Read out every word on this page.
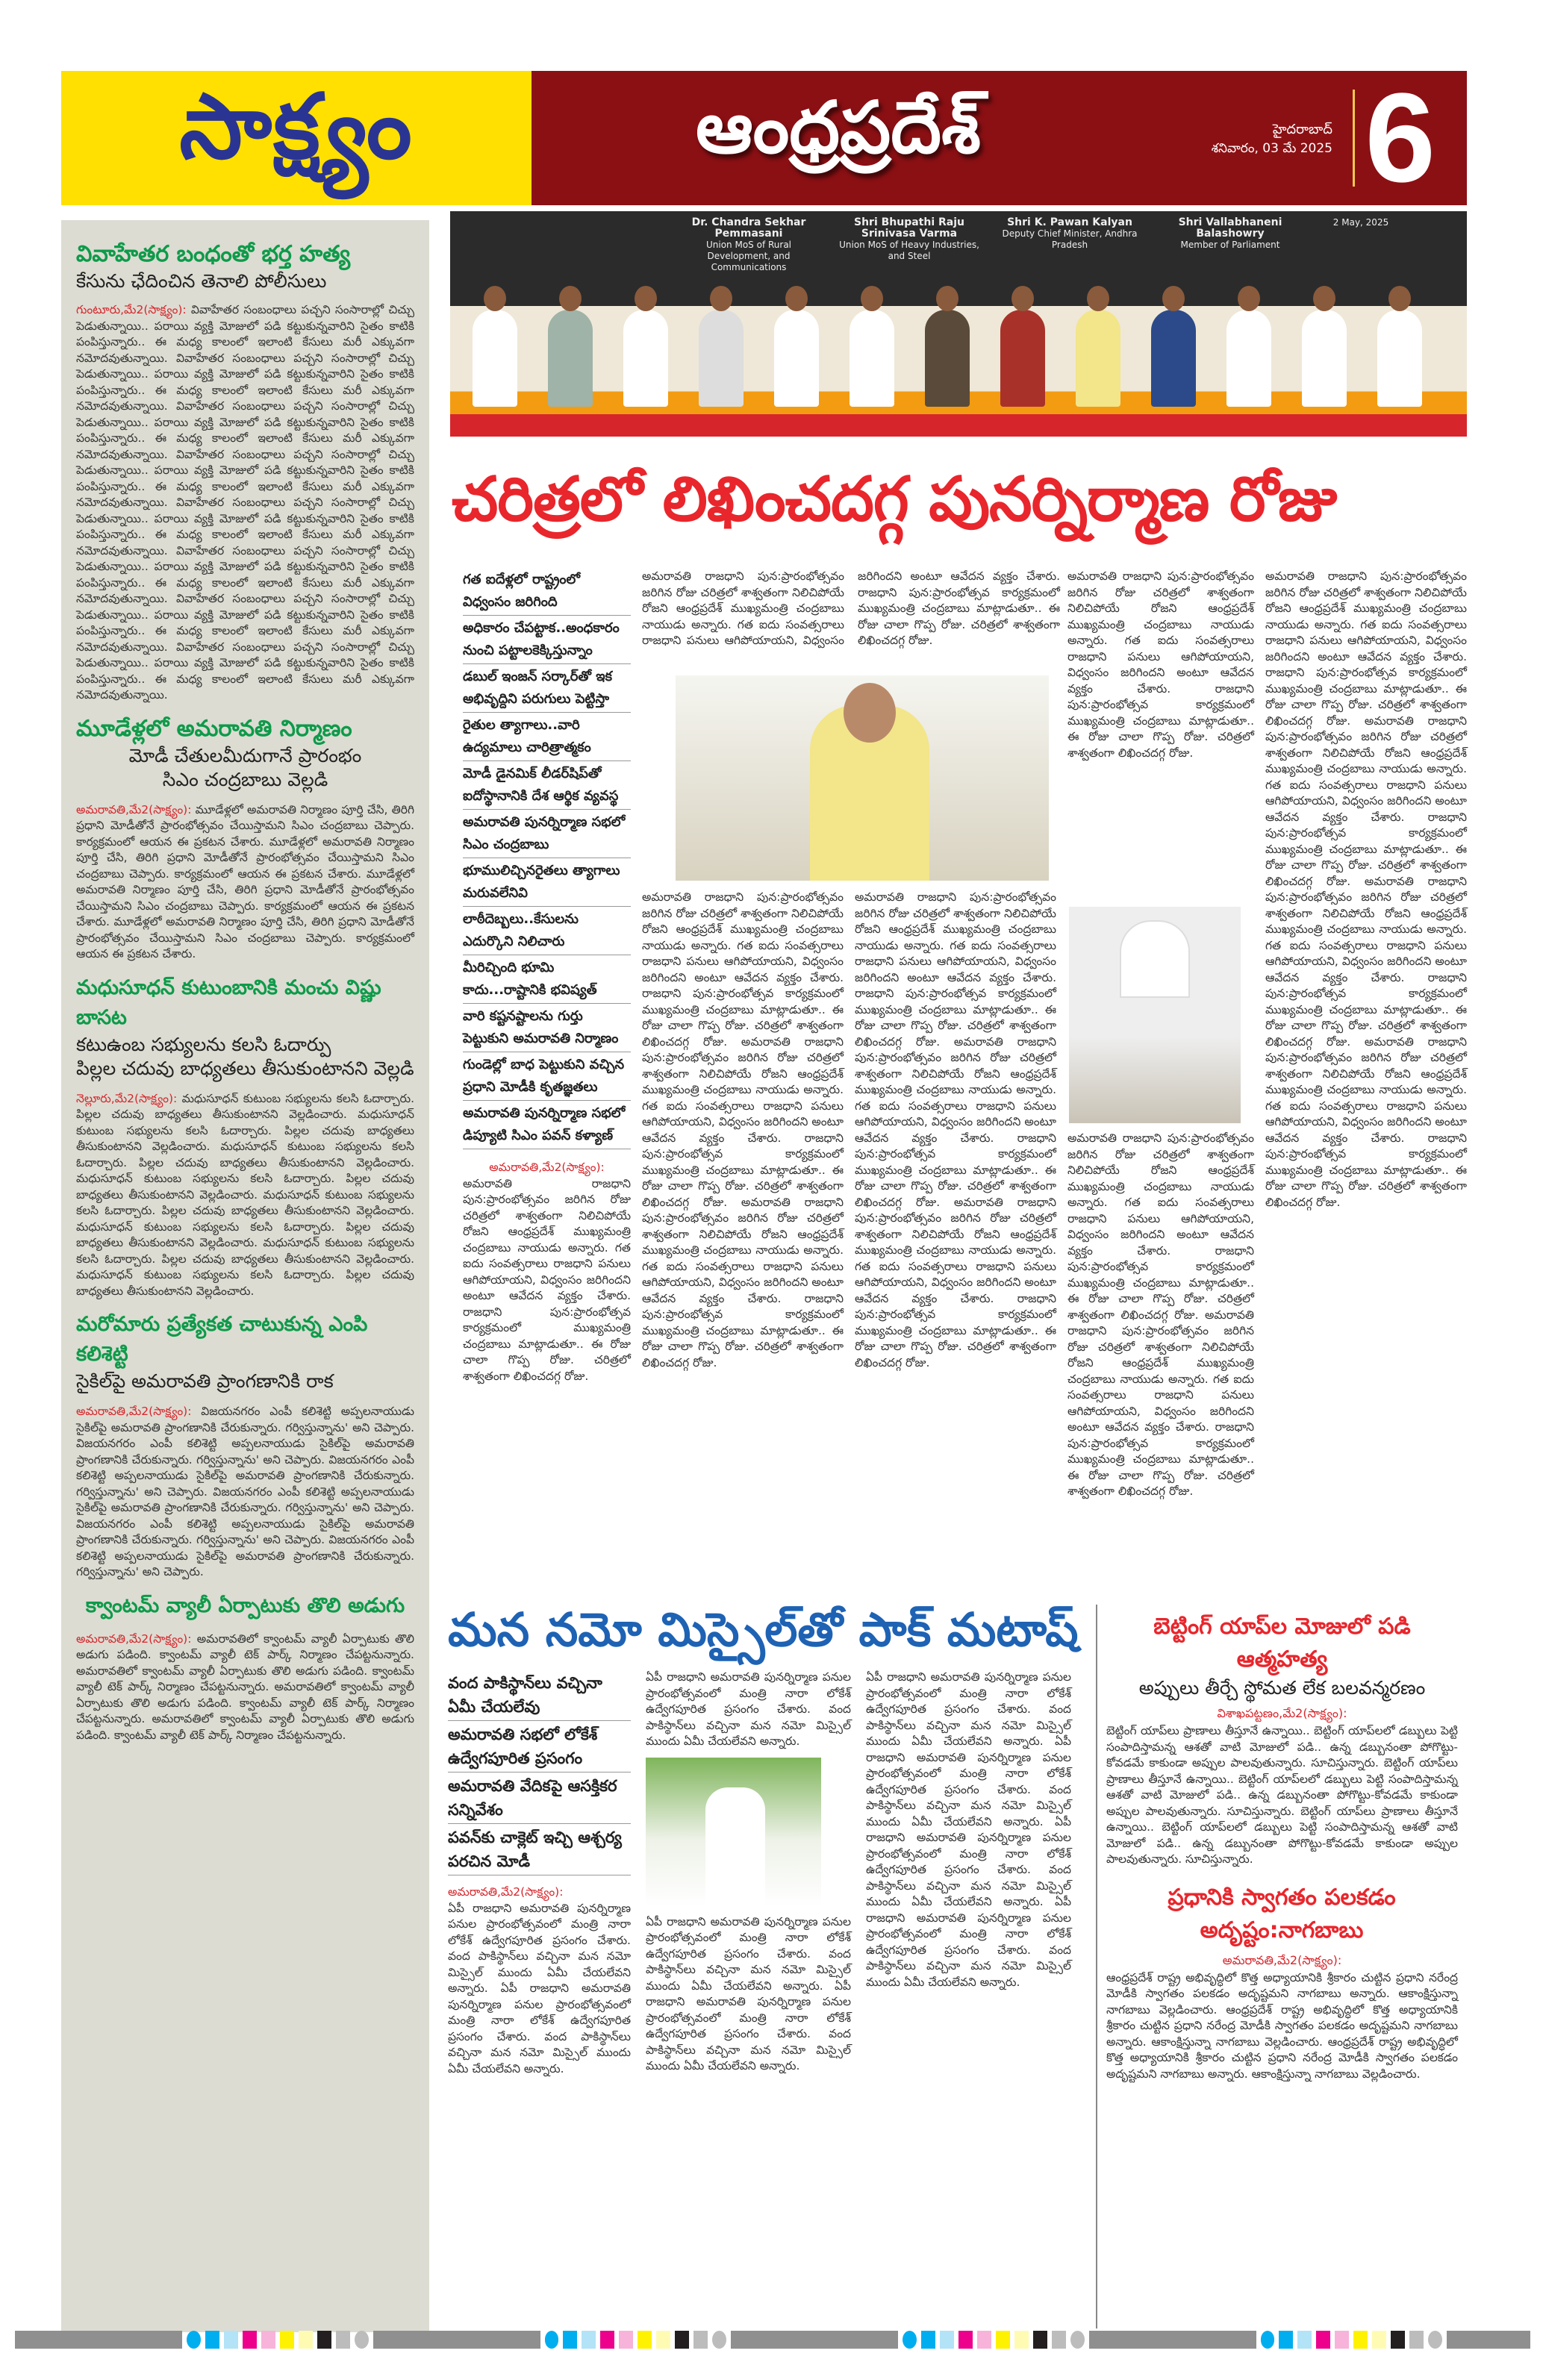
సాక్ష్యం	ఆంధ్రప్రదేశ్	హైదరాబాద్
శనివారం, 03 మే 2025 6
వివాహేతర బంధంతో భర్త హత్య
కేసును ఛేదించిన తెనాలి పోలీసులు
గుంటూరు,మే2(సాక్ష్యం): వివాహేతర సంబంధాలు పచ్చని సంసారాల్లో చిచ్చు పెడుతున్నాయి.. పరాయి వ్యక్తి మోజులో పడి కట్టుకున్నవారిని సైతం కాటికి పంపిస్తున్నారు.. ఈ మధ్య కాలంలో ఇలాంటి కేసులు మరీ ఎక్కువగా నమోదవుతున్నాయి. వివాహేతర సంబంధాలు పచ్చని సంసారాల్లో చిచ్చు పెడుతున్నాయి.. పరాయి వ్యక్తి మోజులో పడి కట్టుకున్నవారిని సైతం కాటికి పంపిస్తున్నారు.. ఈ మధ్య కాలంలో ఇలాంటి కేసులు మరీ ఎక్కువగా నమోదవుతున్నాయి. వివాహేతర సంబంధాలు పచ్చని సంసారాల్లో చిచ్చు పెడుతున్నాయి.. పరాయి వ్యక్తి మోజులో పడి కట్టుకున్నవారిని సైతం కాటికి పంపిస్తున్నారు.. ఈ మధ్య కాలంలో ఇలాంటి కేసులు మరీ ఎక్కువగా నమోదవుతున్నాయి. వివాహేతర సంబంధాలు పచ్చని సంసారాల్లో చిచ్చు పెడుతున్నాయి.. పరాయి వ్యక్తి మోజులో పడి కట్టుకున్నవారిని సైతం కాటికి పంపిస్తున్నారు.. ఈ మధ్య కాలంలో ఇలాంటి కేసులు మరీ ఎక్కువగా నమోదవుతున్నాయి. వివాహేతర సంబంధాలు పచ్చని సంసారాల్లో చిచ్చు పెడుతున్నాయి.. పరాయి వ్యక్తి మోజులో పడి కట్టుకున్నవారిని సైతం కాటికి పంపిస్తున్నారు.. ఈ మధ్య కాలంలో ఇలాంటి కేసులు మరీ ఎక్కువగా నమోదవుతున్నాయి. వివాహేతర సంబంధాలు పచ్చని సంసారాల్లో చిచ్చు పెడుతున్నాయి.. పరాయి వ్యక్తి మోజులో పడి కట్టుకున్నవారిని సైతం కాటికి పంపిస్తున్నారు.. ఈ మధ్య కాలంలో ఇలాంటి కేసులు మరీ ఎక్కువగా నమోదవుతున్నాయి. వివాహేతర సంబంధాలు పచ్చని సంసారాల్లో చిచ్చు పెడుతున్నాయి.. పరాయి వ్యక్తి మోజులో పడి కట్టుకున్నవారిని సైతం కాటికి పంపిస్తున్నారు.. ఈ మధ్య కాలంలో ఇలాంటి కేసులు మరీ ఎక్కువగా నమోదవుతున్నాయి. వివాహేతర సంబంధాలు పచ్చని సంసారాల్లో చిచ్చు పెడుతున్నాయి.. పరాయి వ్యక్తి మోజులో పడి కట్టుకున్నవారిని సైతం కాటికి పంపిస్తున్నారు.. ఈ మధ్య కాలంలో ఇలాంటి కేసులు మరీ ఎక్కువగా నమోదవుతున్నాయి.
మూడేళ్లలో అమరావతి నిర్మాణం
మోడీ చేతులమీదుగానే ప్రారంభం
సిఎం చంద్రబాబు వెల్లడి
అమరావతి,మే2(సాక్ష్యం): మూడేళ్లలో అమరావతి నిర్మాణం పూర్తి చేసి, తిరిగి ప్రధాని మోడీతోనే ప్రారంభోత్సవం చేయిస్తామని సిఎం చంద్రబాబు చెప్పారు. కార్యక్రమంలో ఆయన ఈ ప్రకటన చేశారు. మూడేళ్లలో అమరావతి నిర్మాణం పూర్తి చేసి, తిరిగి ప్రధాని మోడీతోనే ప్రారంభోత్సవం చేయిస్తామని సిఎం చంద్రబాబు చెప్పారు. కార్యక్రమంలో ఆయన ఈ ప్రకటన చేశారు. మూడేళ్లలో అమరావతి నిర్మాణం పూర్తి చేసి, తిరిగి ప్రధాని మోడీతోనే ప్రారంభోత్సవం చేయిస్తామని సిఎం చంద్రబాబు చెప్పారు. కార్యక్రమంలో ఆయన ఈ ప్రకటన చేశారు. మూడేళ్లలో అమరావతి నిర్మాణం పూర్తి చేసి, తిరిగి ప్రధాని మోడీతోనే ప్రారంభోత్సవం చేయిస్తామని సిఎం చంద్రబాబు చెప్పారు. కార్యక్రమంలో ఆయన ఈ ప్రకటన చేశారు.
మధుసూధన్ కుటుంబానికి మంచు విష్ణు బాసట
కటుఉంబ సభ్యులను కలసి ఓదార్పు
పిల్లల చదువు బాధ్యతలు తీసుకుంటానని వెల్లడి
నెల్లూరు,మే2(సాక్ష్యం): మధుసూధన్ కుటుంబ సభ్యులను కలసి ఓదార్చారు. పిల్లల చదువు బాధ్యతలు తీసుకుంటానని వెల్లడించారు. మధుసూధన్ కుటుంబ సభ్యులను కలసి ఓదార్చారు. పిల్లల చదువు బాధ్యతలు తీసుకుంటానని వెల్లడించారు. మధుసూధన్ కుటుంబ సభ్యులను కలసి ఓదార్చారు. పిల్లల చదువు బాధ్యతలు తీసుకుంటానని వెల్లడించారు. మధుసూధన్ కుటుంబ సభ్యులను కలసి ఓదార్చారు. పిల్లల చదువు బాధ్యతలు తీసుకుంటానని వెల్లడించారు. మధుసూధన్ కుటుంబ సభ్యులను కలసి ఓదార్చారు. పిల్లల చదువు బాధ్యతలు తీసుకుంటానని వెల్లడించారు. మధుసూధన్ కుటుంబ సభ్యులను కలసి ఓదార్చారు. పిల్లల చదువు బాధ్యతలు తీసుకుంటానని వెల్లడించారు. మధుసూధన్ కుటుంబ సభ్యులను కలసి ఓదార్చారు. పిల్లల చదువు బాధ్యతలు తీసుకుంటానని వెల్లడించారు. మధుసూధన్ కుటుంబ సభ్యులను కలసి ఓదార్చారు. పిల్లల చదువు బాధ్యతలు తీసుకుంటానని వెల్లడించారు.
మరోమారు ప్రత్యేకత చాటుకున్న ఎంపి కలిశెట్టి
సైకిల్‌పై అమరావతి ప్రాంగణానికి రాక
అమరావతి,మే2(సాక్ష్యం): విజయనగరం ఎంపీ కలిశెట్టి అప్పలనాయుడు సైకిల్‌పై అమరావతి ప్రాంగణానికి చేరుకున్నారు. గర్విస్తున్నాను' అని చెప్పారు. విజయనగరం ఎంపీ కలిశెట్టి అప్పలనాయుడు సైకిల్‌పై అమరావతి ప్రాంగణానికి చేరుకున్నారు. గర్విస్తున్నాను' అని చెప్పారు. విజయనగరం ఎంపీ కలిశెట్టి అప్పలనాయుడు సైకిల్‌పై అమరావతి ప్రాంగణానికి చేరుకున్నారు. గర్విస్తున్నాను' అని చెప్పారు. విజయనగరం ఎంపీ కలిశెట్టి అప్పలనాయుడు సైకిల్‌పై అమరావతి ప్రాంగణానికి చేరుకున్నారు. గర్విస్తున్నాను' అని చెప్పారు. విజయనగరం ఎంపీ కలిశెట్టి అప్పలనాయుడు సైకిల్‌పై అమరావతి ప్రాంగణానికి చేరుకున్నారు. గర్విస్తున్నాను' అని చెప్పారు. విజయనగరం ఎంపీ కలిశెట్టి అప్పలనాయుడు సైకిల్‌పై అమరావతి ప్రాంగణానికి చేరుకున్నారు. గర్విస్తున్నాను' అని చెప్పారు.
క్వాంటమ్ వ్యాలీ ఏర్పాటుకు తొలి అడుగు
అమరావతి,మే2(సాక్ష్యం): అమరావతిలో క్వాంటమ్ వ్యాలీ ఏర్పాటుకు తొలి అడుగు పడింది. క్వాంటమ్ వ్యాలీ టెక్ పార్క్ నిర్మాణం చేపట్టనున్నారు. అమరావతిలో క్వాంటమ్ వ్యాలీ ఏర్పాటుకు తొలి అడుగు పడింది. క్వాంటమ్ వ్యాలీ టెక్ పార్క్ నిర్మాణం చేపట్టనున్నారు. అమరావతిలో క్వాంటమ్ వ్యాలీ ఏర్పాటుకు తొలి అడుగు పడింది. క్వాంటమ్ వ్యాలీ టెక్ పార్క్ నిర్మాణం చేపట్టనున్నారు. అమరావతిలో క్వాంటమ్ వ్యాలీ ఏర్పాటుకు తొలి అడుగు పడింది. క్వాంటమ్ వ్యాలీ టెక్ పార్క్ నిర్మాణం చేపట్టనున్నారు.
Dr. Chandra Sekhar Pemmasani
Union MoS of Rural Development, and Communications
Shri Bhupathi Raju Srinivasa Varma
Union MoS of Heavy Industries, and Steel
Shri K. Pawan Kalyan
Deputy Chief Minister, Andhra Pradesh
Shri Vallabhaneni Balashowry
Member of Parliament
2 May, 2025
చరిత్రలో లిఖించదగ్గ పునర్నిర్మాణ రోజు
గత ఐదేళ్లలో రాష్ట్రంలో విధ్వంసం జరిగింది
అధికారం చేపట్టాక..అంధకారం నుంచి పట్టాలకెక్కిస్తున్నాం
డబుల్ ఇంజన్ సర్కార్‌తో ఇక అభివృద్దిని పరుగులు పెట్టిస్తా
రైతుల త్యాగాలు..వారి ఉద్యమాలు చారిత్రాత్మకం
మోడీ డైనమిక్ లీడర్‌షిప్‌తో ఐదోస్థానానికి దేశ ఆర్థిక వ్యవస్థ
అమరావతి పునర్నిర్మాణ సభలో సిఎం చంద్రబాబు
భూములిచ్చినరైతలు త్యాగాలు మరువలేనివి
లాఠీదెబ్బలు..కేసులను ఎదుర్కొని నిలిచారు
మీరిచ్చింది భూమి కాదు...రాష్టానికి భవిష్యత్
వారి కష్టనష్టాలను గుర్తు పెట్టుకుని అమరావతి నిర్మాణం
గుండెల్లో బాధ పెట్టుకుని వచ్చిన ప్రధాని మోడీకి కృతజ్ఞతలు
అమరావతి పునర్నిర్మాణ సభలో డిప్యూటి సిఎం పవన్ కళ్యాణ్
అమరావతి,మే2(సాక్ష్యం):
అమరావతి రాజధాని పున:ప్రారంభోత్సవం జరిగిన రోజు చరిత్రలో శాశ్వతంగా నిలిచిపోయే రోజని ఆంధ్రప్రదేశ్ ముఖ్యమంత్రి చంద్రబాబు నాయుడు అన్నారు. గత ఐదు సంవత్సరాలు రాజధాని పనులు ఆగిపోయాయని, విధ్వంసం జరిగిందని అంటూ ఆవేదన వ్యక్తం చేశారు. రాజధాని పున:ప్రారంభోత్సవ కార్యక్రమంలో ముఖ్యమంత్రి చంద్రబాబు మాట్లాడుతూ.. ఈ రోజు చాలా గొప్ప రోజు. చరిత్రలో శాశ్వతంగా లిఖించదగ్గ రోజు.
అమరావతి రాజధాని పున:ప్రారంభోత్సవం జరిగిన రోజు చరిత్రలో శాశ్వతంగా నిలిచిపోయే రోజని ఆంధ్రప్రదేశ్ ముఖ్యమంత్రి చంద్రబాబు నాయుడు అన్నారు. గత ఐదు సంవత్సరాలు రాజధాని పనులు ఆగిపోయాయని, విధ్వంసం జరిగిందని అంటూ ఆవేదన వ్యక్తం చేశారు. రాజధాని పున:ప్రారంభోత్సవ కార్యక్రమంలో ముఖ్యమంత్రి చంద్రబాబు మాట్లాడుతూ.. ఈ రోజు చాలా గొప్ప రోజు. చరిత్రలో శాశ్వతంగా లిఖించదగ్గ రోజు.
అమరావతి రాజధాని పున:ప్రారంభోత్సవం జరిగిన రోజు చరిత్రలో శాశ్వతంగా నిలిచిపోయే రోజని ఆంధ్రప్రదేశ్ ముఖ్యమంత్రి చంద్రబాబు నాయుడు అన్నారు. గత ఐదు సంవత్సరాలు రాజధాని పనులు ఆగిపోయాయని, విధ్వంసం జరిగిందని అంటూ ఆవేదన వ్యక్తం చేశారు. రాజధాని పున:ప్రారంభోత్సవ కార్యక్రమంలో ముఖ్యమంత్రి చంద్రబాబు మాట్లాడుతూ.. ఈ రోజు చాలా గొప్ప రోజు. చరిత్రలో శాశ్వతంగా లిఖించదగ్గ రోజు. అమరావతి రాజధాని పున:ప్రారంభోత్సవం జరిగిన రోజు చరిత్రలో శాశ్వతంగా నిలిచిపోయే రోజని ఆంధ్రప్రదేశ్ ముఖ్యమంత్రి చంద్రబాబు నాయుడు అన్నారు. గత ఐదు సంవత్సరాలు రాజధాని పనులు ఆగిపోయాయని, విధ్వంసం జరిగిందని అంటూ ఆవేదన వ్యక్తం చేశారు. రాజధాని పున:ప్రారంభోత్సవ కార్యక్రమంలో ముఖ్యమంత్రి చంద్రబాబు మాట్లాడుతూ.. ఈ రోజు చాలా గొప్ప రోజు. చరిత్రలో శాశ్వతంగా లిఖించదగ్గ రోజు. అమరావతి రాజధాని పున:ప్రారంభోత్సవం జరిగిన రోజు చరిత్రలో శాశ్వతంగా నిలిచిపోయే రోజని ఆంధ్రప్రదేశ్ ముఖ్యమంత్రి చంద్రబాబు నాయుడు అన్నారు. గత ఐదు సంవత్సరాలు రాజధాని పనులు ఆగిపోయాయని, విధ్వంసం జరిగిందని అంటూ ఆవేదన వ్యక్తం చేశారు. రాజధాని పున:ప్రారంభోత్సవ కార్యక్రమంలో ముఖ్యమంత్రి చంద్రబాబు మాట్లాడుతూ.. ఈ రోజు చాలా గొప్ప రోజు. చరిత్రలో శాశ్వతంగా లిఖించదగ్గ రోజు.
అమరావతి రాజధాని పున:ప్రారంభోత్సవం జరిగిన రోజు చరిత్రలో శాశ్వతంగా నిలిచిపోయే రోజని ఆంధ్రప్రదేశ్ ముఖ్యమంత్రి చంద్రబాబు నాయుడు అన్నారు. గత ఐదు సంవత్సరాలు రాజధాని పనులు ఆగిపోయాయని, విధ్వంసం జరిగిందని అంటూ ఆవేదన వ్యక్తం చేశారు. రాజధాని పున:ప్రారంభోత్సవ కార్యక్రమంలో ముఖ్యమంత్రి చంద్రబాబు మాట్లాడుతూ.. ఈ రోజు చాలా గొప్ప రోజు. చరిత్రలో శాశ్వతంగా లిఖించదగ్గ రోజు. అమరావతి రాజధాని పున:ప్రారంభోత్సవం జరిగిన రోజు చరిత్రలో శాశ్వతంగా నిలిచిపోయే రోజని ఆంధ్రప్రదేశ్ ముఖ్యమంత్రి చంద్రబాబు నాయుడు అన్నారు. గత ఐదు సంవత్సరాలు రాజధాని పనులు ఆగిపోయాయని, విధ్వంసం జరిగిందని అంటూ ఆవేదన వ్యక్తం చేశారు. రాజధాని పున:ప్రారంభోత్సవ కార్యక్రమంలో ముఖ్యమంత్రి చంద్రబాబు మాట్లాడుతూ.. ఈ రోజు చాలా గొప్ప రోజు. చరిత్రలో శాశ్వతంగా లిఖించదగ్గ రోజు. అమరావతి రాజధాని పున:ప్రారంభోత్సవం జరిగిన రోజు చరిత్రలో శాశ్వతంగా నిలిచిపోయే రోజని ఆంధ్రప్రదేశ్ ముఖ్యమంత్రి చంద్రబాబు నాయుడు అన్నారు. గత ఐదు సంవత్సరాలు రాజధాని పనులు ఆగిపోయాయని, విధ్వంసం జరిగిందని అంటూ ఆవేదన వ్యక్తం చేశారు. రాజధాని పున:ప్రారంభోత్సవ కార్యక్రమంలో ముఖ్యమంత్రి చంద్రబాబు మాట్లాడుతూ.. ఈ రోజు చాలా గొప్ప రోజు. చరిత్రలో శాశ్వతంగా లిఖించదగ్గ రోజు.
అమరావతి రాజధాని పున:ప్రారంభోత్సవం జరిగిన రోజు చరిత్రలో శాశ్వతంగా నిలిచిపోయే రోజని ఆంధ్రప్రదేశ్ ముఖ్యమంత్రి చంద్రబాబు నాయుడు అన్నారు. గత ఐదు సంవత్సరాలు రాజధాని పనులు ఆగిపోయాయని, విధ్వంసం జరిగిందని అంటూ ఆవేదన వ్యక్తం చేశారు. రాజధాని పున:ప్రారంభోత్సవ కార్యక్రమంలో ముఖ్యమంత్రి చంద్రబాబు మాట్లాడుతూ.. ఈ రోజు చాలా గొప్ప రోజు. చరిత్రలో శాశ్వతంగా లిఖించదగ్గ రోజు.
అమరావతి రాజధాని పున:ప్రారంభోత్సవం జరిగిన రోజు చరిత్రలో శాశ్వతంగా నిలిచిపోయే రోజని ఆంధ్రప్రదేశ్ ముఖ్యమంత్రి చంద్రబాబు నాయుడు అన్నారు. గత ఐదు సంవత్సరాలు రాజధాని పనులు ఆగిపోయాయని, విధ్వంసం జరిగిందని అంటూ ఆవేదన వ్యక్తం చేశారు. రాజధాని పున:ప్రారంభోత్సవ కార్యక్రమంలో ముఖ్యమంత్రి చంద్రబాబు మాట్లాడుతూ.. ఈ రోజు చాలా గొప్ప రోజు. చరిత్రలో శాశ్వతంగా లిఖించదగ్గ రోజు. అమరావతి రాజధాని పున:ప్రారంభోత్సవం జరిగిన రోజు చరిత్రలో శాశ్వతంగా నిలిచిపోయే రోజని ఆంధ్రప్రదేశ్ ముఖ్యమంత్రి చంద్రబాబు నాయుడు అన్నారు. గత ఐదు సంవత్సరాలు రాజధాని పనులు ఆగిపోయాయని, విధ్వంసం జరిగిందని అంటూ ఆవేదన వ్యక్తం చేశారు. రాజధాని పున:ప్రారంభోత్సవ కార్యక్రమంలో ముఖ్యమంత్రి చంద్రబాబు మాట్లాడుతూ.. ఈ రోజు చాలా గొప్ప రోజు. చరిత్రలో శాశ్వతంగా లిఖించదగ్గ రోజు.
అమరావతి రాజధాని పున:ప్రారంభోత్సవం జరిగిన రోజు చరిత్రలో శాశ్వతంగా నిలిచిపోయే రోజని ఆంధ్రప్రదేశ్ ముఖ్యమంత్రి చంద్రబాబు నాయుడు అన్నారు. గత ఐదు సంవత్సరాలు రాజధాని పనులు ఆగిపోయాయని, విధ్వంసం జరిగిందని అంటూ ఆవేదన వ్యక్తం చేశారు. రాజధాని పున:ప్రారంభోత్సవ కార్యక్రమంలో ముఖ్యమంత్రి చంద్రబాబు మాట్లాడుతూ.. ఈ రోజు చాలా గొప్ప రోజు. చరిత్రలో శాశ్వతంగా లిఖించదగ్గ రోజు. అమరావతి రాజధాని పున:ప్రారంభోత్సవం జరిగిన రోజు చరిత్రలో శాశ్వతంగా నిలిచిపోయే రోజని ఆంధ్రప్రదేశ్ ముఖ్యమంత్రి చంద్రబాబు నాయుడు అన్నారు. గత ఐదు సంవత్సరాలు రాజధాని పనులు ఆగిపోయాయని, విధ్వంసం జరిగిందని అంటూ ఆవేదన వ్యక్తం చేశారు. రాజధాని పున:ప్రారంభోత్సవ కార్యక్రమంలో ముఖ్యమంత్రి చంద్రబాబు మాట్లాడుతూ.. ఈ రోజు చాలా గొప్ప రోజు. చరిత్రలో శాశ్వతంగా లిఖించదగ్గ రోజు. అమరావతి రాజధాని పున:ప్రారంభోత్సవం జరిగిన రోజు చరిత్రలో శాశ్వతంగా నిలిచిపోయే రోజని ఆంధ్రప్రదేశ్ ముఖ్యమంత్రి చంద్రబాబు నాయుడు అన్నారు. గత ఐదు సంవత్సరాలు రాజధాని పనులు ఆగిపోయాయని, విధ్వంసం జరిగిందని అంటూ ఆవేదన వ్యక్తం చేశారు. రాజధాని పున:ప్రారంభోత్సవ కార్యక్రమంలో ముఖ్యమంత్రి చంద్రబాబు మాట్లాడుతూ.. ఈ రోజు చాలా గొప్ప రోజు. చరిత్రలో శాశ్వతంగా లిఖించదగ్గ రోజు. అమరావతి రాజధాని పున:ప్రారంభోత్సవం జరిగిన రోజు చరిత్రలో శాశ్వతంగా నిలిచిపోయే రోజని ఆంధ్రప్రదేశ్ ముఖ్యమంత్రి చంద్రబాబు నాయుడు అన్నారు. గత ఐదు సంవత్సరాలు రాజధాని పనులు ఆగిపోయాయని, విధ్వంసం జరిగిందని అంటూ ఆవేదన వ్యక్తం చేశారు. రాజధాని పున:ప్రారంభోత్సవ కార్యక్రమంలో ముఖ్యమంత్రి చంద్రబాబు మాట్లాడుతూ.. ఈ రోజు చాలా గొప్ప రోజు. చరిత్రలో శాశ్వతంగా లిఖించదగ్గ రోజు.
మన నమో మిస్సైల్‌తో పాక్ మటాష్
వంద పాకిస్థాన్‌లు వచ్చినా ఏమీ చేయలేవు
అమరావతి సభలో లోకేశ్ ఉద్వేగపూరిత ప్రసంగం
అమరావతి వేదికపై ఆసక్తికర సన్నివేశం
పవన్‌కు చాక్లెట్ ఇచ్చి ఆశ్చర్య పరచిన మోడీ
అమరావతి,మే2(సాక్ష్యం):
ఏపీ రాజధాని అమరావతి పునర్నిర్మాణ పనుల ప్రారంభోత్సవంలో మంత్రి నారా లోకేశ్ ఉద్వేగపూరిత ప్రసంగం చేశారు. వంద పాకిస్థాన్‌లు వచ్చినా మన నమో మిస్సైల్ ముందు ఏమీ చేయలేవని అన్నారు. ఏపీ రాజధాని అమరావతి పునర్నిర్మాణ పనుల ప్రారంభోత్సవంలో మంత్రి నారా లోకేశ్ ఉద్వేగపూరిత ప్రసంగం చేశారు. వంద పాకిస్థాన్‌లు వచ్చినా మన నమో మిస్సైల్ ముందు ఏమీ చేయలేవని అన్నారు.
ఏపీ రాజధాని అమరావతి పునర్నిర్మాణ పనుల ప్రారంభోత్సవంలో మంత్రి నారా లోకేశ్ ఉద్వేగపూరిత ప్రసంగం చేశారు. వంద పాకిస్థాన్‌లు వచ్చినా మన నమో మిస్సైల్ ముందు ఏమీ చేయలేవని అన్నారు.
ఏపీ రాజధాని అమరావతి పునర్నిర్మాణ పనుల ప్రారంభోత్సవంలో మంత్రి నారా లోకేశ్ ఉద్వేగపూరిత ప్రసంగం చేశారు. వంద పాకిస్థాన్‌లు వచ్చినా మన నమో మిస్సైల్ ముందు ఏమీ చేయలేవని అన్నారు. ఏపీ రాజధాని అమరావతి పునర్నిర్మాణ పనుల ప్రారంభోత్సవంలో మంత్రి నారా లోకేశ్ ఉద్వేగపూరిత ప్రసంగం చేశారు. వంద పాకిస్థాన్‌లు వచ్చినా మన నమో మిస్సైల్ ముందు ఏమీ చేయలేవని అన్నారు.
ఏపీ రాజధాని అమరావతి పునర్నిర్మాణ పనుల ప్రారంభోత్సవంలో మంత్రి నారా లోకేశ్ ఉద్వేగపూరిత ప్రసంగం చేశారు. వంద పాకిస్థాన్‌లు వచ్చినా మన నమో మిస్సైల్ ముందు ఏమీ చేయలేవని అన్నారు. ఏపీ రాజధాని అమరావతి పునర్నిర్మాణ పనుల ప్రారంభోత్సవంలో మంత్రి నారా లోకేశ్ ఉద్వేగపూరిత ప్రసంగం చేశారు. వంద పాకిస్థాన్‌లు వచ్చినా మన నమో మిస్సైల్ ముందు ఏమీ చేయలేవని అన్నారు. ఏపీ రాజధాని అమరావతి పునర్నిర్మాణ పనుల ప్రారంభోత్సవంలో మంత్రి నారా లోకేశ్ ఉద్వేగపూరిత ప్రసంగం చేశారు. వంద పాకిస్థాన్‌లు వచ్చినా మన నమో మిస్సైల్ ముందు ఏమీ చేయలేవని అన్నారు. ఏపీ రాజధాని అమరావతి పునర్నిర్మాణ పనుల ప్రారంభోత్సవంలో మంత్రి నారా లోకేశ్ ఉద్వేగపూరిత ప్రసంగం చేశారు. వంద పాకిస్థాన్‌లు వచ్చినా మన నమో మిస్సైల్ ముందు ఏమీ చేయలేవని అన్నారు.
బెట్టింగ్ యాప్‌ల మోజులో పడి ఆత్మహత్య
అప్పులు తీర్చే స్థోమత లేక బలవన్మరణం
విశాఖపట్టణం,మే2(సాక్ష్యం):
బెట్టింగ్ యాప్‌లు ప్రాణాలు తీస్తూనే ఉన్నాయి.. బెట్టింగ్ యాప్‌లలో డబ్బులు పెట్టి సంపాదిస్తామన్న ఆశతో వాటి మోజులో పడి.. ఉన్న డబ్బునంతా పోగొట్టు-కోవడమే కాకుండా అప్పుల పాలవుతున్నారు. సూచిస్తున్నారు. బెట్టింగ్ యాప్‌లు ప్రాణాలు తీస్తూనే ఉన్నాయి.. బెట్టింగ్ యాప్‌లలో డబ్బులు పెట్టి సంపాదిస్తామన్న ఆశతో వాటి మోజులో పడి.. ఉన్న డబ్బునంతా పోగొట్టు-కోవడమే కాకుండా అప్పుల పాలవుతున్నారు. సూచిస్తున్నారు. బెట్టింగ్ యాప్‌లు ప్రాణాలు తీస్తూనే ఉన్నాయి.. బెట్టింగ్ యాప్‌లలో డబ్బులు పెట్టి సంపాదిస్తామన్న ఆశతో వాటి మోజులో పడి.. ఉన్న డబ్బునంతా పోగొట్టు-కోవడమే కాకుండా అప్పుల పాలవుతున్నారు. సూచిస్తున్నారు.
ప్రధానికి స్వాగతం పలకడం అదృష్టం:నాగబాబు
అమరావతి,మే2(సాక్ష్యం):
ఆంధ్రప్రదేశ్ రాష్ట్ర అభివృద్ధిలో కొత్త అధ్యాయానికి శ్రీకారం చుట్టిన ప్రధాని నరేంద్ర మోడీకి స్వాగతం పలకడం అదృష్టమని నాగబాబు అన్నారు. ఆకాంక్షిస్తున్నా నాగబాబు వెల్లడించారు. ఆంధ్రప్రదేశ్ రాష్ట్ర అభివృద్ధిలో కొత్త అధ్యాయానికి శ్రీకారం చుట్టిన ప్రధాని నరేంద్ర మోడీకి స్వాగతం పలకడం అదృష్టమని నాగబాబు అన్నారు. ఆకాంక్షిస్తున్నా నాగబాబు వెల్లడించారు. ఆంధ్రప్రదేశ్ రాష్ట్ర అభివృద్ధిలో కొత్త అధ్యాయానికి శ్రీకారం చుట్టిన ప్రధాని నరేంద్ర మోడీకి స్వాగతం పలకడం అదృష్టమని నాగబాబు అన్నారు. ఆకాంక్షిస్తున్నా నాగబాబు వెల్లడించారు.
